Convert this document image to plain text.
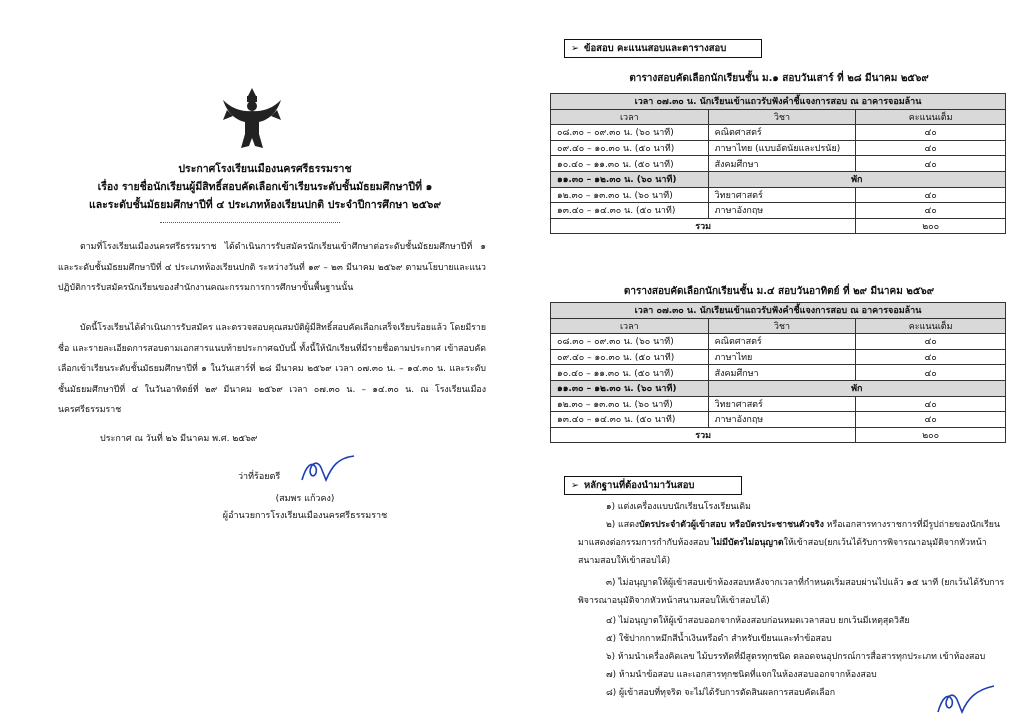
ประกาศโรงเรียนเมืองนครศรีธรรมราช
เรื่อง รายชื่อนักเรียนผู้มีสิทธิ์สอบคัดเลือกเข้าเรียนระดับชั้นมัธยมศึกษาปีที่ ๑
และระดับชั้นมัธยมศึกษาปีที่ ๔ ประเภทห้องเรียนปกติ ประจำปีการศึกษา ๒๕๖๙

ตามที่โรงเรียนเมืองนครศรีธรรมราช ได้ดำเนินการรับสมัครนักเรียนเข้าศึกษาต่อระดับชั้นมัธยมศึกษาปีที่ ๑ และระดับชั้นมัธยมศึกษาปีที่ ๔ ประเภทห้องเรียนปกติ ระหว่างวันที่ ๑๙ – ๒๓ มีนาคม ๒๕๖๙ ตามนโยบายและแนวปฏิบัติการรับสมัครนักเรียนของสำนักงานคณะกรรมการการศึกษาขั้นพื้นฐานนั้น

บัดนี้โรงเรียนได้ดำเนินการรับสมัคร และตรวจสอบคุณสมบัติผู้มีสิทธิ์สอบคัดเลือกเสร็จเรียบร้อยแล้ว โดยมีรายชื่อ และรายละเอียดการสอบตามเอกสารแนบท้ายประกาศฉบับนี้ ทั้งนี้ให้นักเรียนที่มีรายชื่อตามประกาศ เข้าสอบคัดเลือกเข้าเรียนระดับชั้นมัธยมศึกษาปีที่ ๑ ในวันเสาร์ที่ ๒๘ มีนาคม ๒๕๖๙ เวลา ๐๗.๓๐ น. – ๑๔.๓๐ น. และระดับชั้นมัธยมศึกษาปีที่ ๔ ในวันอาทิตย์ที่ ๒๙ มีนาคม ๒๕๖๙ เวลา ๐๗.๓๐ น. – ๑๔.๓๐ น. ณ โรงเรียนเมืองนครศรีธรรมราช

ประกาศ ณ วันที่ ๒๖ มีนาคม พ.ศ. ๒๕๖๙
ว่าที่ร้อยตรี
(สมพร แก้วคง)
ผู้อำนวยการโรงเรียนเมืองนครศรีธรรมราช
➢ ข้อสอบ คะแนนสอบและตารางสอบ
ตารางสอบคัดเลือกนักเรียนชั้น ม.๑ สอบวันเสาร์ ที่ ๒๘ มีนาคม ๒๕๖๙
เวลา ๐๗.๓๐ น. นักเรียนเข้าแถวรับฟังคำชี้แจงการสอบ ณ อาคารจอมล้าน		
เวลา	วิชา	คะแนนเต็ม
๐๘.๓๐ – ๐๙.๓๐ น. (๖๐ นาที)	คณิตศาสตร์	๔๐
๐๙.๔๐ – ๑๐.๓๐ น. (๕๐ นาที)	ภาษาไทย (แบบอัตนัยและปรนัย)	๔๐
๑๐.๔๐ – ๑๑.๓๐ น. (๕๐ นาที)	สังคมศึกษา	๔๐
๑๑.๓๐ – ๑๒.๓๐ น. (๖๐ นาที)	พัก	
๑๒.๓๐ – ๑๓.๓๐ น. (๖๐ นาที)	วิทยาศาสตร์	๔๐
๑๓.๔๐ – ๑๔.๓๐ น. (๕๐ นาที)	ภาษาอังกฤษ	๔๐
รวม		๒๐๐
ตารางสอบคัดเลือกนักเรียนชั้น ม.๔ สอบวันอาทิตย์ ที่ ๒๙ มีนาคม ๒๕๖๙
เวลา ๐๗.๓๐ น. นักเรียนเข้าแถวรับฟังคำชี้แจงการสอบ ณ อาคารจอมล้าน		
เวลา	วิชา	คะแนนเต็ม
๐๘.๓๐ – ๐๙.๓๐ น. (๖๐ นาที)	คณิตศาสตร์	๔๐
๐๙.๔๐ – ๑๐.๓๐ น. (๕๐ นาที)	ภาษาไทย	๔๐
๑๐.๔๐ – ๑๑.๓๐ น. (๕๐ นาที)	สังคมศึกษา	๔๐
๑๑.๓๐ – ๑๒.๓๐ น. (๖๐ นาที)	พัก	
๑๒.๓๐ – ๑๓.๓๐ น. (๖๐ นาที)	วิทยาศาสตร์	๔๐
๑๓.๔๐ – ๑๔.๓๐ น. (๕๐ นาที)	ภาษาอังกฤษ	๔๐
รวม		๒๐๐
➢ หลักฐานที่ต้องนำมาวันสอบ
๑) แต่งเครื่องแบบนักเรียนโรงเรียนเดิม
๒) แสดงบัตรประจำตัวผู้เข้าสอบ หรือบัตรประชาชนตัวจริง หรือเอกสารทางราชการที่มีรูปถ่ายของนักเรียนมาแสดงต่อกรรมการกำกับห้องสอบ ไม่มีบัตรไม่อนุญาตให้เข้าสอบ(ยกเว้นได้รับการพิจารณาอนุมัติจากหัวหน้าสนามสอบให้เข้าสอบได้)
๓) ไม่อนุญาตให้ผู้เข้าสอบเข้าห้องสอบหลังจากเวลาที่กำหนดเริ่มสอบผ่านไปแล้ว ๑๕ นาที (ยกเว้นได้รับการพิจารณาอนุมัติจากหัวหน้าสนามสอบให้เข้าสอบได้)
๔) ไม่อนุญาตให้ผู้เข้าสอบออกจากห้องสอบก่อนหมดเวลาสอบ ยกเว้นมีเหตุสุดวิสัย
๕) ใช้ปากกาหมึกสีน้ำเงินหรือดำ สำหรับเขียนและทำข้อสอบ
๖) ห้ามนำเครื่องคิดเลข ไม้บรรทัดที่มีสูตรทุกชนิด ตลอดจนอุปกรณ์การสื่อสารทุกประเภท เข้าห้องสอบ
๗) ห้ามนำข้อสอบ และเอกสารทุกชนิดที่แจกในห้องสอบออกจากห้องสอบ
๘) ผู้เข้าสอบที่ทุจริต จะไม่ได้รับการตัดสินผลการสอบคัดเลือก
